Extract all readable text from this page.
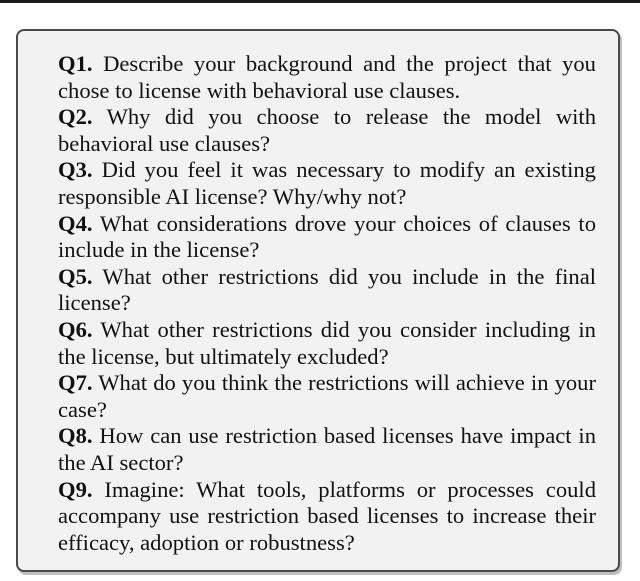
Q1. Describe your background and the project that you chose to license with behavioral use clauses.

Q2. Why did you choose to release the model with behavioral use clauses?

Q3. Did you feel it was necessary to modify an existing responsible AI license? Why/why not?

Q4. What considerations drove your choices of clauses to include in the license?

Q5. What other restrictions did you include in the final license?

Q6. What other restrictions did you consider including in the license, but ultimately excluded?

Q7. What do you think the restrictions will achieve in your case?

Q8. How can use restriction based licenses have impact in the AI sector?

Q9. Imagine: What tools, platforms or processes could accompany use restriction based licenses to increase their efficacy, adoption or robustness?
